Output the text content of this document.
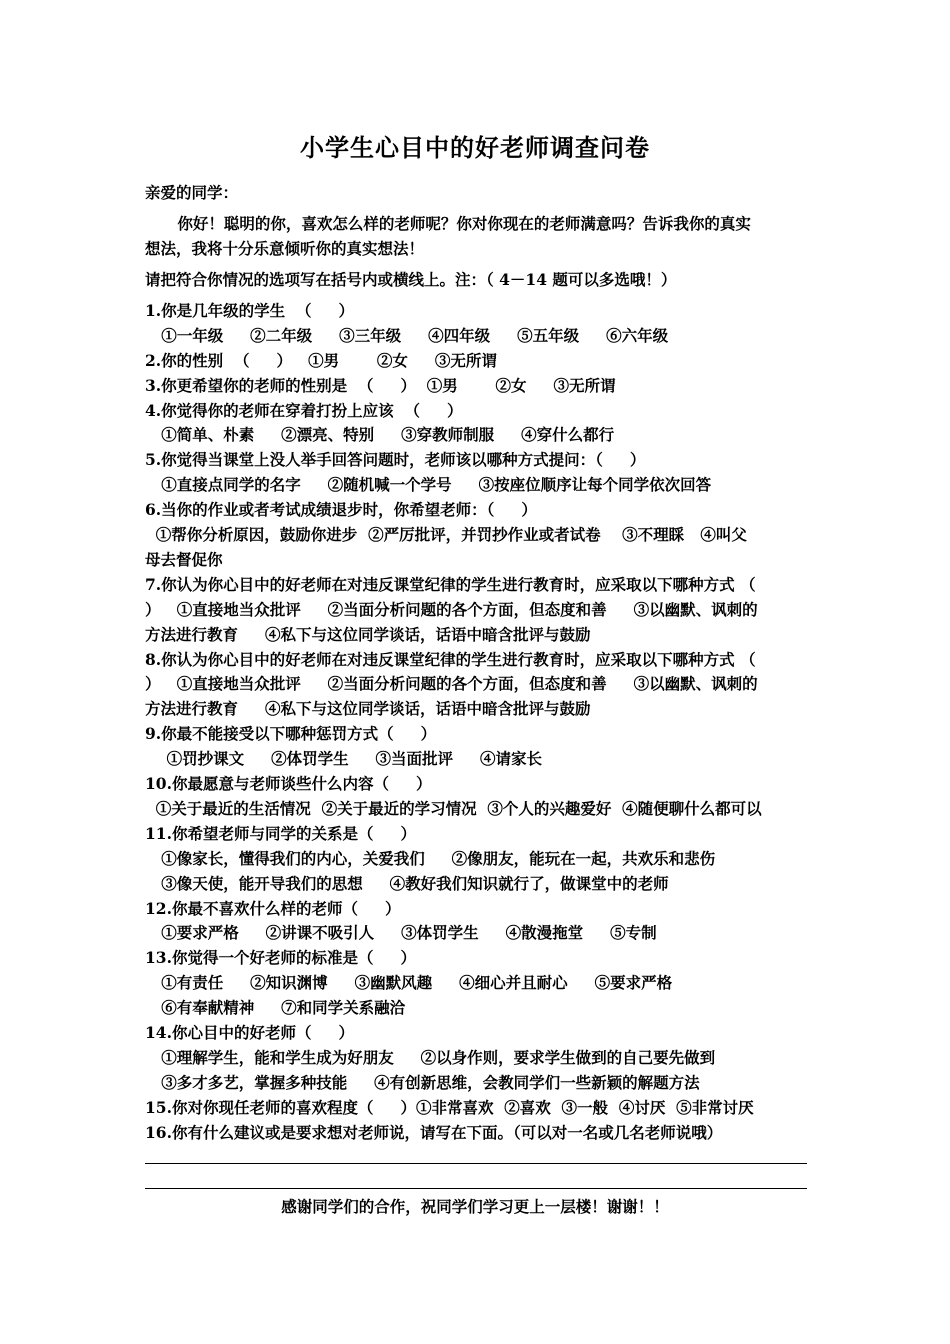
小学生心目中的好老师调查问卷
亲爱的同学：
你好！聪明的你，喜欢怎么样的老师呢？你对你现在的老师满意吗？告诉我你的真实
想法，我将十分乐意倾听你的真实想法！
请把符合你情况的选项写在括号内或横线上。注：（ 4－14 题可以多选哦！）
1.你是几年级的学生  （     ）
①一年级     ②二年级     ③三年级     ④四年级     ⑤五年级     ⑥六年级
2.你的性别  （     ）   ①男       ②女     ③无所谓
3.你更希望你的老师的性别是  （     ）  ①男       ②女     ③无所谓
4.你觉得你的老师在穿着打扮上应该  （     ）
①简单、朴素     ②漂亮、特别     ③穿教师制服     ④穿什么都行
5.你觉得当课堂上没人举手回答问题时，老师该以哪种方式提问：（     ）
①直接点同学的名字     ②随机喊一个学号     ③按座位顺序让每个同学依次回答
6.当你的作业或者考试成绩退步时，你希望老师：（     ）
①帮你分析原因，鼓励你进步  ②严厉批评，并罚抄作业或者试卷    ③不理睬   ④叫父
母去督促你
7.你认为你心目中的好老师在对违反课堂纪律的学生进行教育时，应采取以下哪种方式 （
）   ①直接地当众批评     ②当面分析问题的各个方面，但态度和善     ③以幽默、讽刺的
方法进行教育     ④私下与这位同学谈话，话语中暗含批评与鼓励
8.你认为你心目中的好老师在对违反课堂纪律的学生进行教育时，应采取以下哪种方式 （
）   ①直接地当众批评     ②当面分析问题的各个方面，但态度和善     ③以幽默、讽刺的
方法进行教育     ④私下与这位同学谈话，话语中暗含批评与鼓励
9.你最不能接受以下哪种惩罚方式（     ）
①罚抄课文     ②体罚学生     ③当面批评     ④请家长
10.你最愿意与老师谈些什么内容（     ）
①关于最近的生活情况  ②关于最近的学习情况  ③个人的兴趣爱好  ④随便聊什么都可以
11.你希望老师与同学的关系是（     ）
①像家长，懂得我们的内心，关爱我们     ②像朋友，能玩在一起，共欢乐和悲伤
③像天使，能开导我们的思想     ④教好我们知识就行了，做课堂中的老师
12.你最不喜欢什么样的老师（     ）
①要求严格     ②讲课不吸引人     ③体罚学生     ④散漫拖堂     ⑤专制
13.你觉得一个好老师的标准是（     ）
①有责任     ②知识渊博     ③幽默风趣     ④细心并且耐心     ⑤要求严格
⑥有奉献精神     ⑦和同学关系融洽
14.你心目中的好老师（     ）
①理解学生，能和学生成为好朋友     ②以身作则，要求学生做到的自己要先做到
③多才多艺，掌握多种技能     ④有创新思维，会教同学们一些新颖的解题方法
15.你对你现任老师的喜欢程度（     ）①非常喜欢  ②喜欢  ③一般  ④讨厌  ⑤非常讨厌
16.你有什么建议或是要求想对老师说，请写在下面。（可以对一名或几名老师说哦）
感谢同学们的合作，祝同学们学习更上一层楼！谢谢！！
